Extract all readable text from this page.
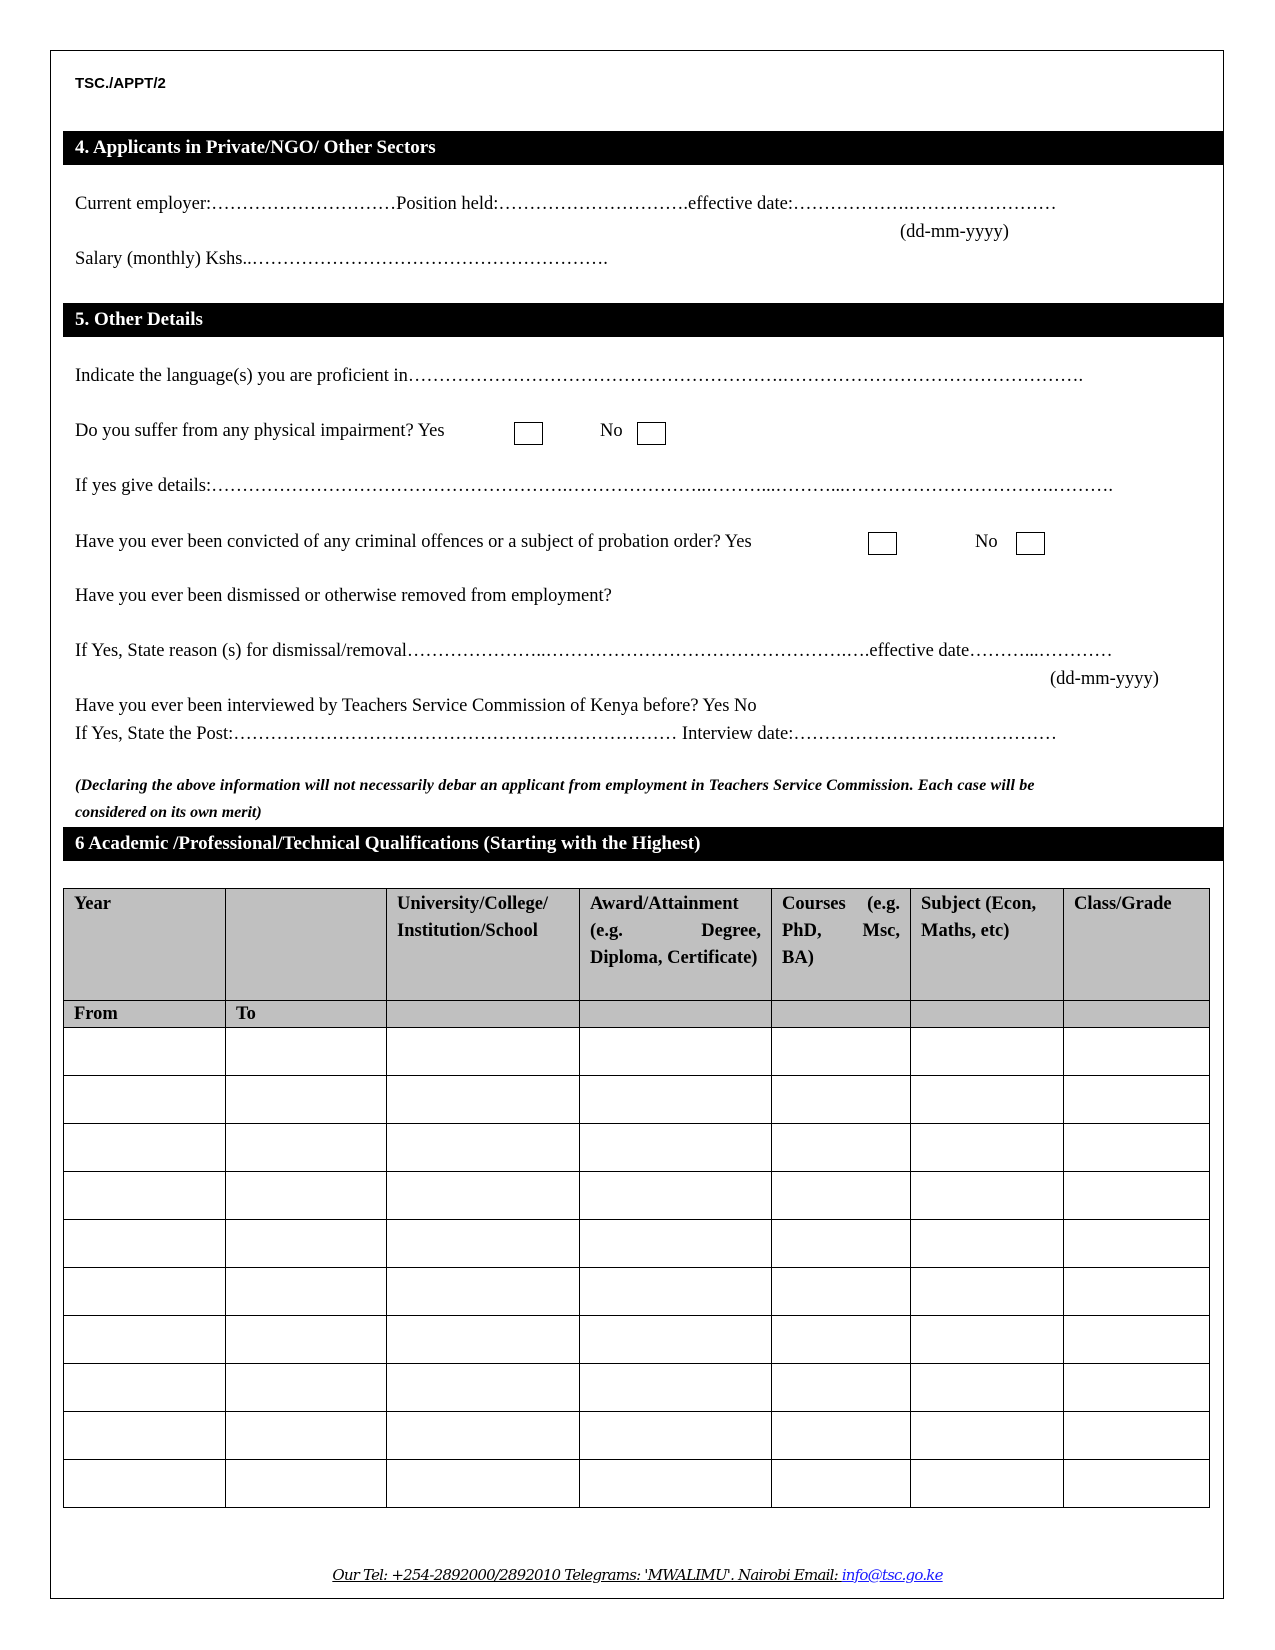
TSC./APPT/2
4. Applicants in Private/NGO/ Other Sectors
Current employer:…………………………Position held:………………………….effective date:……………….……………………
(dd-mm-yyyy)
Salary (monthly) Kshs..………………………………………………….
5. Other Details
Indicate the language(s) you are proficient in…………………………………………………….………………………………………….
Do you suffer from any physical impairment? Yes	No
If yes give details:………………………………………………….…………………..………...………...…………………………….……….
Have you ever been convicted of any criminal offences or a subject of probation order? Yes	No
Have you ever been dismissed or otherwise removed from employment?
If Yes, State reason (s) for dismissal/removal…………………..………………………………………….….effective date………...…………
(dd-mm-yyyy)
Have you ever been interviewed by Teachers Service Commission of Kenya before? Yes No
If Yes, State the Post:……………………………………………………………… Interview date:……………………….……………
(Declaring the above information will not necessarily debar an applicant from employment in Teachers Service Commission. Each case will be
considered on its own merit)
6 Academic /Professional/Technical Qualifications (Starting with the Highest)
Year		University/College/ Institution/School	Award/Attainment (e.g. Degree, Diploma, Certificate)	Courses (e.g. PhD, Msc, BA)	Subject (Econ, Maths, etc)	Class/Grade
From	To					

Our Tel: +254-2892000/2892010 Telegrams: 'MWALIMU'. Nairobi Email: info@tsc.go.ke
